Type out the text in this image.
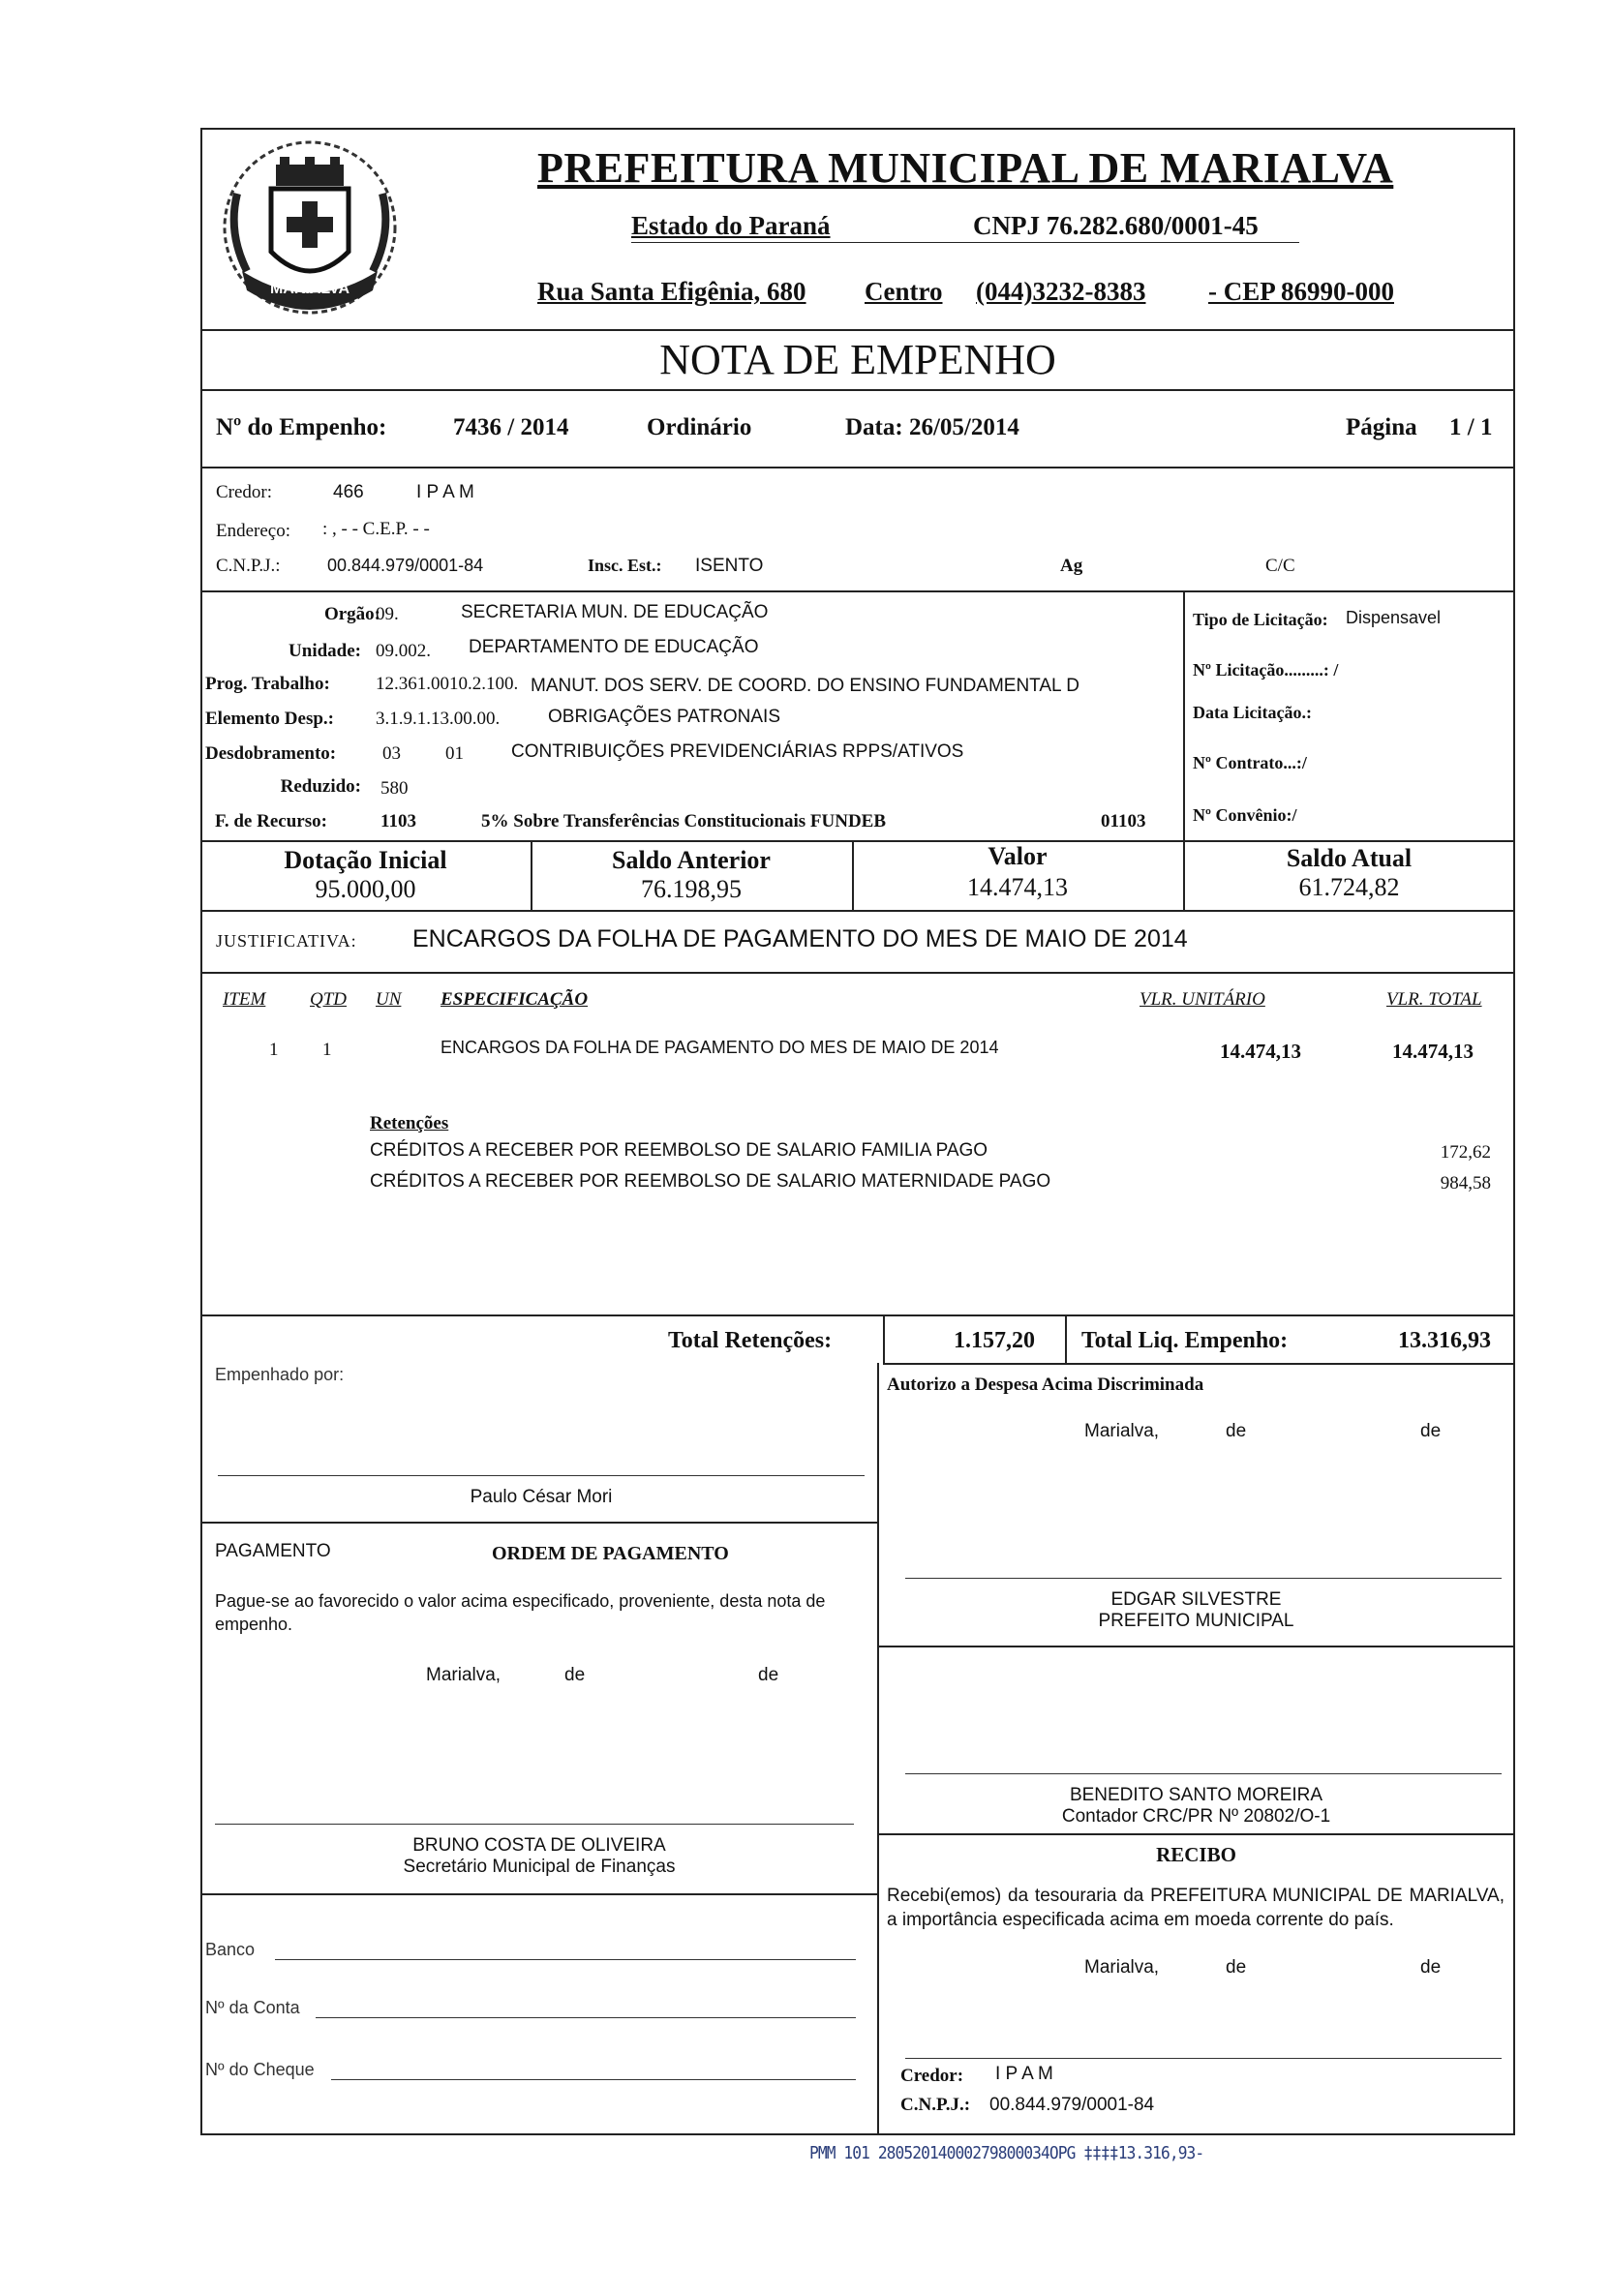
MARIALVA
PREFEITURA MUNICIPAL DE MARIALVA
Estado do Paraná	CNPJ 76.282.680/0001-45
Rua Santa Efigênia, 680 Centro (044)3232-8383 - CEP 86990-000
NOTA DE EMPENHO
Nº do Empenho:	7436 / 2014	Ordinário	Data: 26/05/2014	Página 1 / 1
Credor:	466	I P A M
Endereço: : , - - C.E.P. - -
C.N.P.J.:	00.844.979/0001-84	Insc. Est.: ISENTO	Ag	C/C
Orgão:
09.	SECRETARIA MUN. DE EDUCAÇÃO
Unidade: 09.002. DEPARTAMENTO DE EDUCAÇÃO
Prog. Trabalho: 12.361.0010.2.100. MANUT. DOS SERV. DE COORD. DO ENSINO FUNDAMENTAL D
Elemento Desp.: 3.1.9.1.13.00.00.	OBRIGAÇÕES PATRONAIS
Desdobramento:	03 01	CONTRIBUIÇÕES PREVIDENCIÁRIAS RPPS/ATIVOS
Reduzido: 580
F. de Recurso:	1103	5% Sobre Transferências Constitucionais FUNDEB	01103
Tipo de Licitação: Dispensavel
Nº Licitação.........: /
Data Licitação.:
Nº Contrato...:/
Nº Convênio:/
Dotação Inicial
95.000,00
Saldo Anterior
76.198,95
Valor
14.474,13
Saldo Atual
61.724,82
JUSTIFICATIVA: ENCARGOS DA FOLHA DE PAGAMENTO DO MES DE MAIO DE 2014
ITEM QTD UN ESPECIFICAÇÃO	VLR. UNITÁRIO	VLR. TOTAL
1 1	ENCARGOS DA FOLHA DE PAGAMENTO DO MES DE MAIO DE 2014	14.474,13	14.474,13
Retenções
CRÉDITOS A RECEBER POR REEMBOLSO DE SALARIO FAMILIA PAGO	172,62
CRÉDITOS A RECEBER POR REEMBOLSO DE SALARIO MATERNIDADE PAGO	984,58
Total Retenções:	1.157,20 Total Liq. Empenho:	13.316,93
Empenhado por:
Paulo César Mori
Autorizo a Despesa Acima Discriminada
Marialva,	de	de
EDGAR SILVESTRE
PREFEITO MUNICIPAL
PAGAMENTO	ORDEM DE PAGAMENTO
Pague-se ao favorecido o valor acima especificado, proveniente, desta nota de empenho.
Marialva,	de	de
BENEDITO SANTO MOREIRA
Contador CRC/PR Nº 20802/O-1
BRUNO COSTA DE OLIVEIRA
Secretário Municipal de Finanças
RECIBO
Recebi(emos) da tesouraria da PREFEITURA MUNICIPAL DE MARIALVA, a importância especificada acima em moeda corrente do país.
Marialva,	de	de
Banco
Nº da Conta
Nº do Cheque	Credor: I P A M
C.N.P.J.: 00.844.979/0001-84
PMM 101 28052014000279800034OPG ‡‡‡‡13.316,93-
